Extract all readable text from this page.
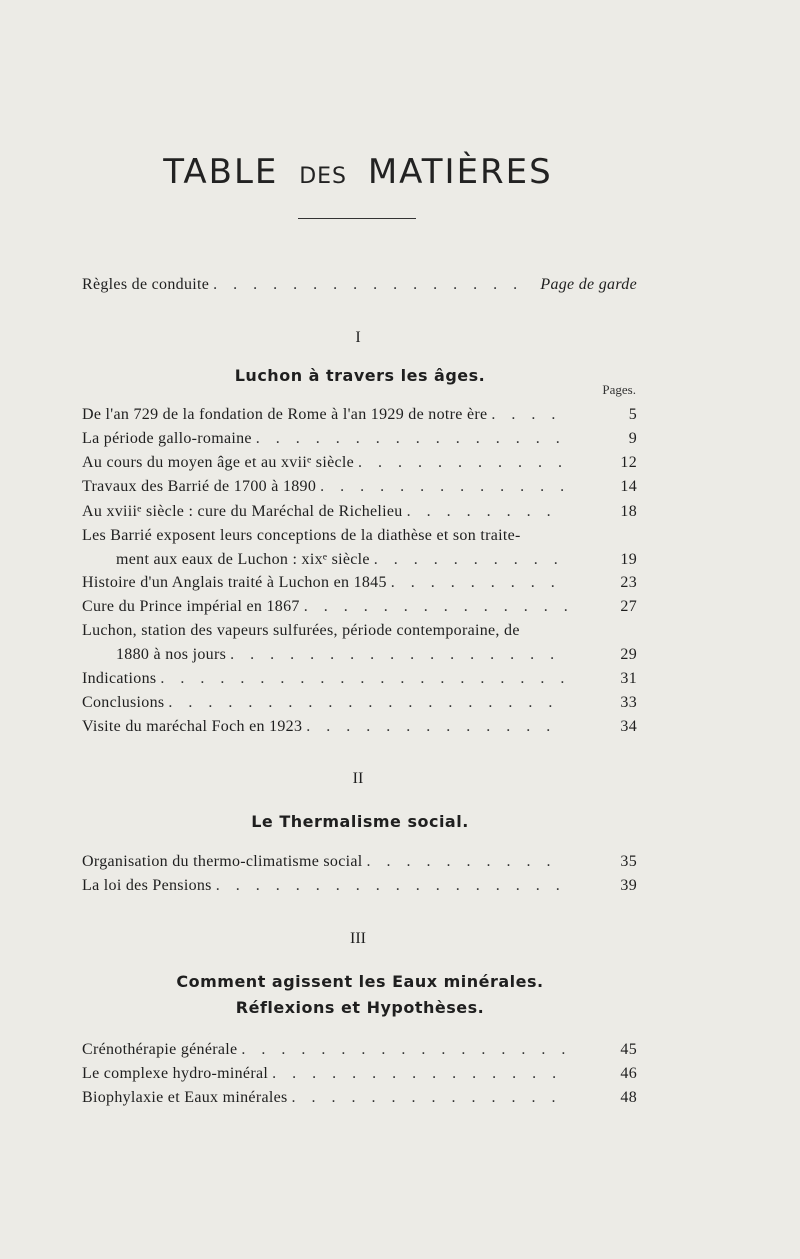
TABLE DES MATIÈRES
Règles de conduite . . .	Page de garde
I
Luchon à travers les âges.
Pages.
De l'an 729 de la fondation de Rome à l'an 1929 de notre ère . . .	5
La période gallo-romaine . . .	9
Au cours du moyen âge et au xviiᵉ siècle . . .	12
Travaux des Barrié de 1700 à 1890 . . .	14
Au xviiiᵉ siècle : cure du Maréchal de Richelieu . . .	18
Les Barrié exposent leurs conceptions de la diathèse et son traite-
ment aux eaux de Luchon : xixᵉ siècle . . .	19
Histoire d'un Anglais traité à Luchon en 1845 . . .	23
Cure du Prince impérial en 1867 . . .	27
Luchon, station des vapeurs sulfurées, période contemporaine, de
1880 à nos jours . . .	29
Indications . . .	31
Conclusions . . .	33
Visite du maréchal Foch en 1923 . . .	34
II
Le Thermalisme social.
Organisation du thermo-climatisme social . . .	35
La loi des Pensions . . .	39
III
Comment agissent les Eaux minérales.
Réflexions et Hypothèses.
Crénothérapie générale . . .	45
Le complexe hydro-minéral . . .	46
Biophylaxie et Eaux minérales . . .	48
